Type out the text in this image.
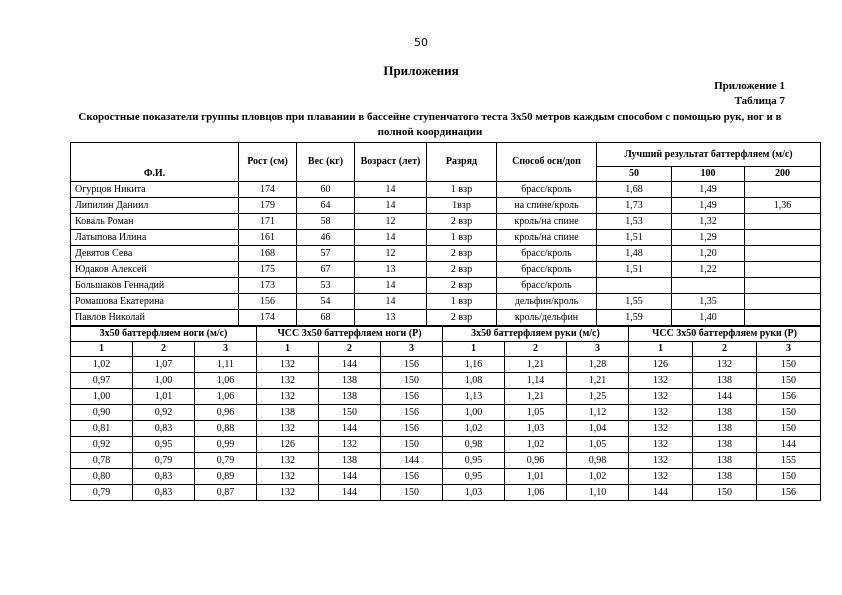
50
Приложения
Приложение 1
Таблица 7
Скоростные показатели группы пловцов при плавании в бассейне ступенчатого теста 3х50 метров каждым способом с помощью рук, ног и в полной координации
Ф.И.	Рост (см)	Вес (кг)	Возраст (лет)	Разряд	Способ осн/доп	Лучший результат баттерфляем (м/с)		
						50	100	200
Огурцов Никита	174	60	14	1 взр	брасс/кроль	1,68	1,49	
Липилин Даниил	179	64	14	1взр	на спине/кроль	1,73	1,49	1,36
Коваль Роман	171	58	12	2 взр	кроль/на спине	1,53	1,32	
Латыпова Илина	161	46	14	1 взр	кроль/на спине	1,51	1,29	
Девятов Сева	168	57	12	2 взр	брасс/кроль	1,48	1,20	
Юдаков Алексей	175	67	13	2 взр	брасс/кроль	1,51	1,22	
Большаков Геннадий	173	53	14	2 взр	брасс/кроль			
Ромашова Екатерина	156	54	14	1 взр	дельфин/кроль	1,55	1,35	
Павлов Николай	174	68	13	2 взр	кроль/дельфин	1,59	1,40	
3х50 баттерфляем ноги (м/с)			ЧСС 3х50 баттерфляем ноги (Р)			3х50 баттерфляем руки (м/с)			ЧСС 3х50 баттерфляем руки (Р)		
1	2	3	1	2	3	1	2	3	1	2	3
1,02	1,07	1,11	132	144	156	1,16	1,21	1,28	126	132	150
0,97	1,00	1,06	132	138	150	1,08	1,14	1,21	132	138	150
1,00	1,01	1,06	132	138	156	1,13	1,21	1,25	132	144	156
0,90	0,92	0,96	138	150	156	1,00	1,05	1,12	132	138	150
0,81	0,83	0,88	132	144	156	1,02	1,03	1,04	132	138	150
0,92	0,95	0,99	126	132	150	0,98	1,02	1,05	132	138	144
0,78	0,79	0,79	132	138	144	0,95	0,96	0,98	132	138	155
0,80	0,83	0,89	132	144	156	0,95	1,01	1,02	132	138	150
0,79	0,83	0,87	132	144	150	1,03	1,06	1,10	144	150	156
